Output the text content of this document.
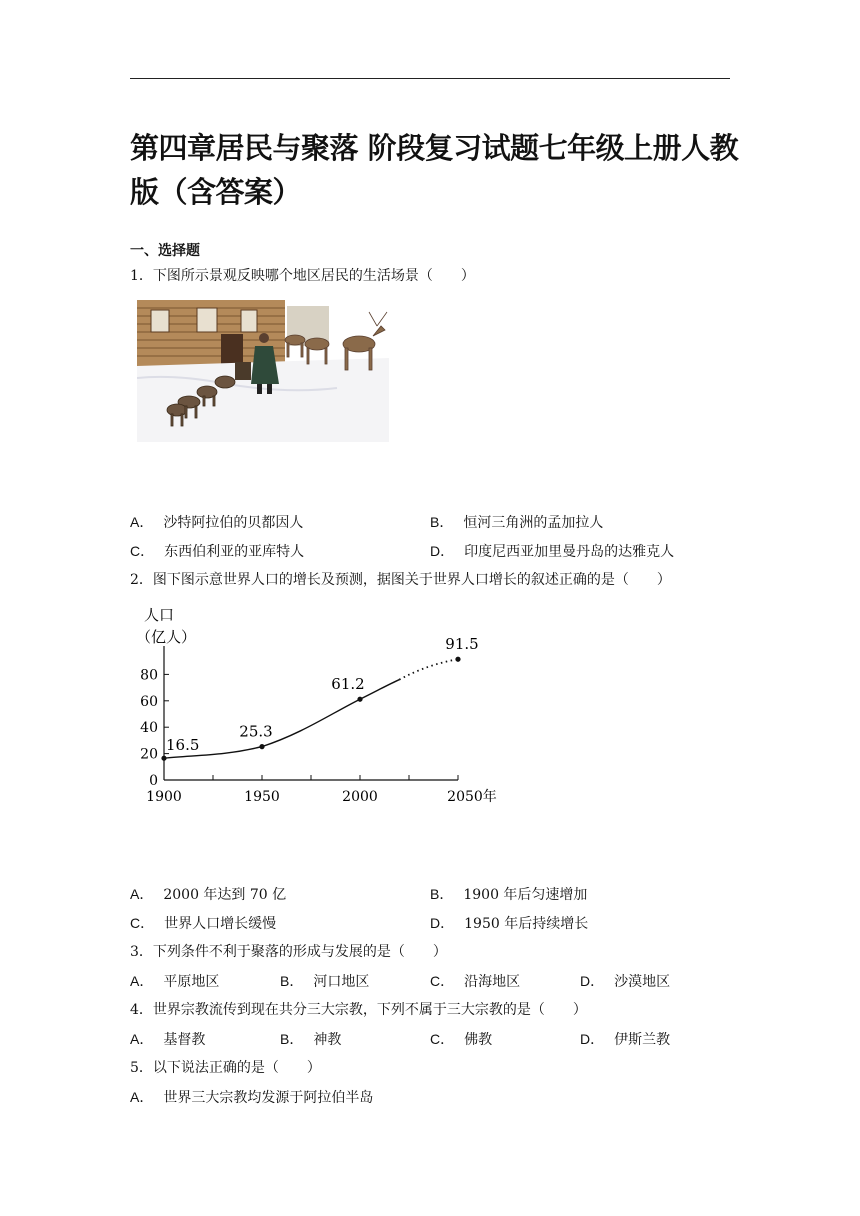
第四章居民与聚落 阶段复习试题七年级上册人教版（含答案）
一、选择题
1．下图所示景观反映哪个地区居民的生活场景（　　）
A． 沙特阿拉伯的贝都因人	B． 恒河三角洲的孟加拉人
C． 东西伯利亚的亚库特人	D． 印度尼西亚加里曼丹岛的达雅克人
2．图下图示意世界人口的增长及预测，据图关于世界人口增长的叙述正确的是（　　）
人口
（亿人）
0
20
40
60
80
1900	1950	2000	2050年
16.5
25.3
61.2
91.5
A． 2000 年达到 70 亿	B． 1900 年后匀速增加
C． 世界人口增长缓慢	D． 1950 年后持续增长
3．下列条件不利于聚落的形成与发展的是（　　）
A． 平原地区	B． 河口地区	C． 沿海地区	D． 沙漠地区
4．世界宗教流传到现在共分三大宗教，下列不属于三大宗教的是（　　）
A． 基督教	B． 神教	C． 佛教	D． 伊斯兰教
5．以下说法正确的是（　　）
A． 世界三大宗教均发源于阿拉伯半岛
